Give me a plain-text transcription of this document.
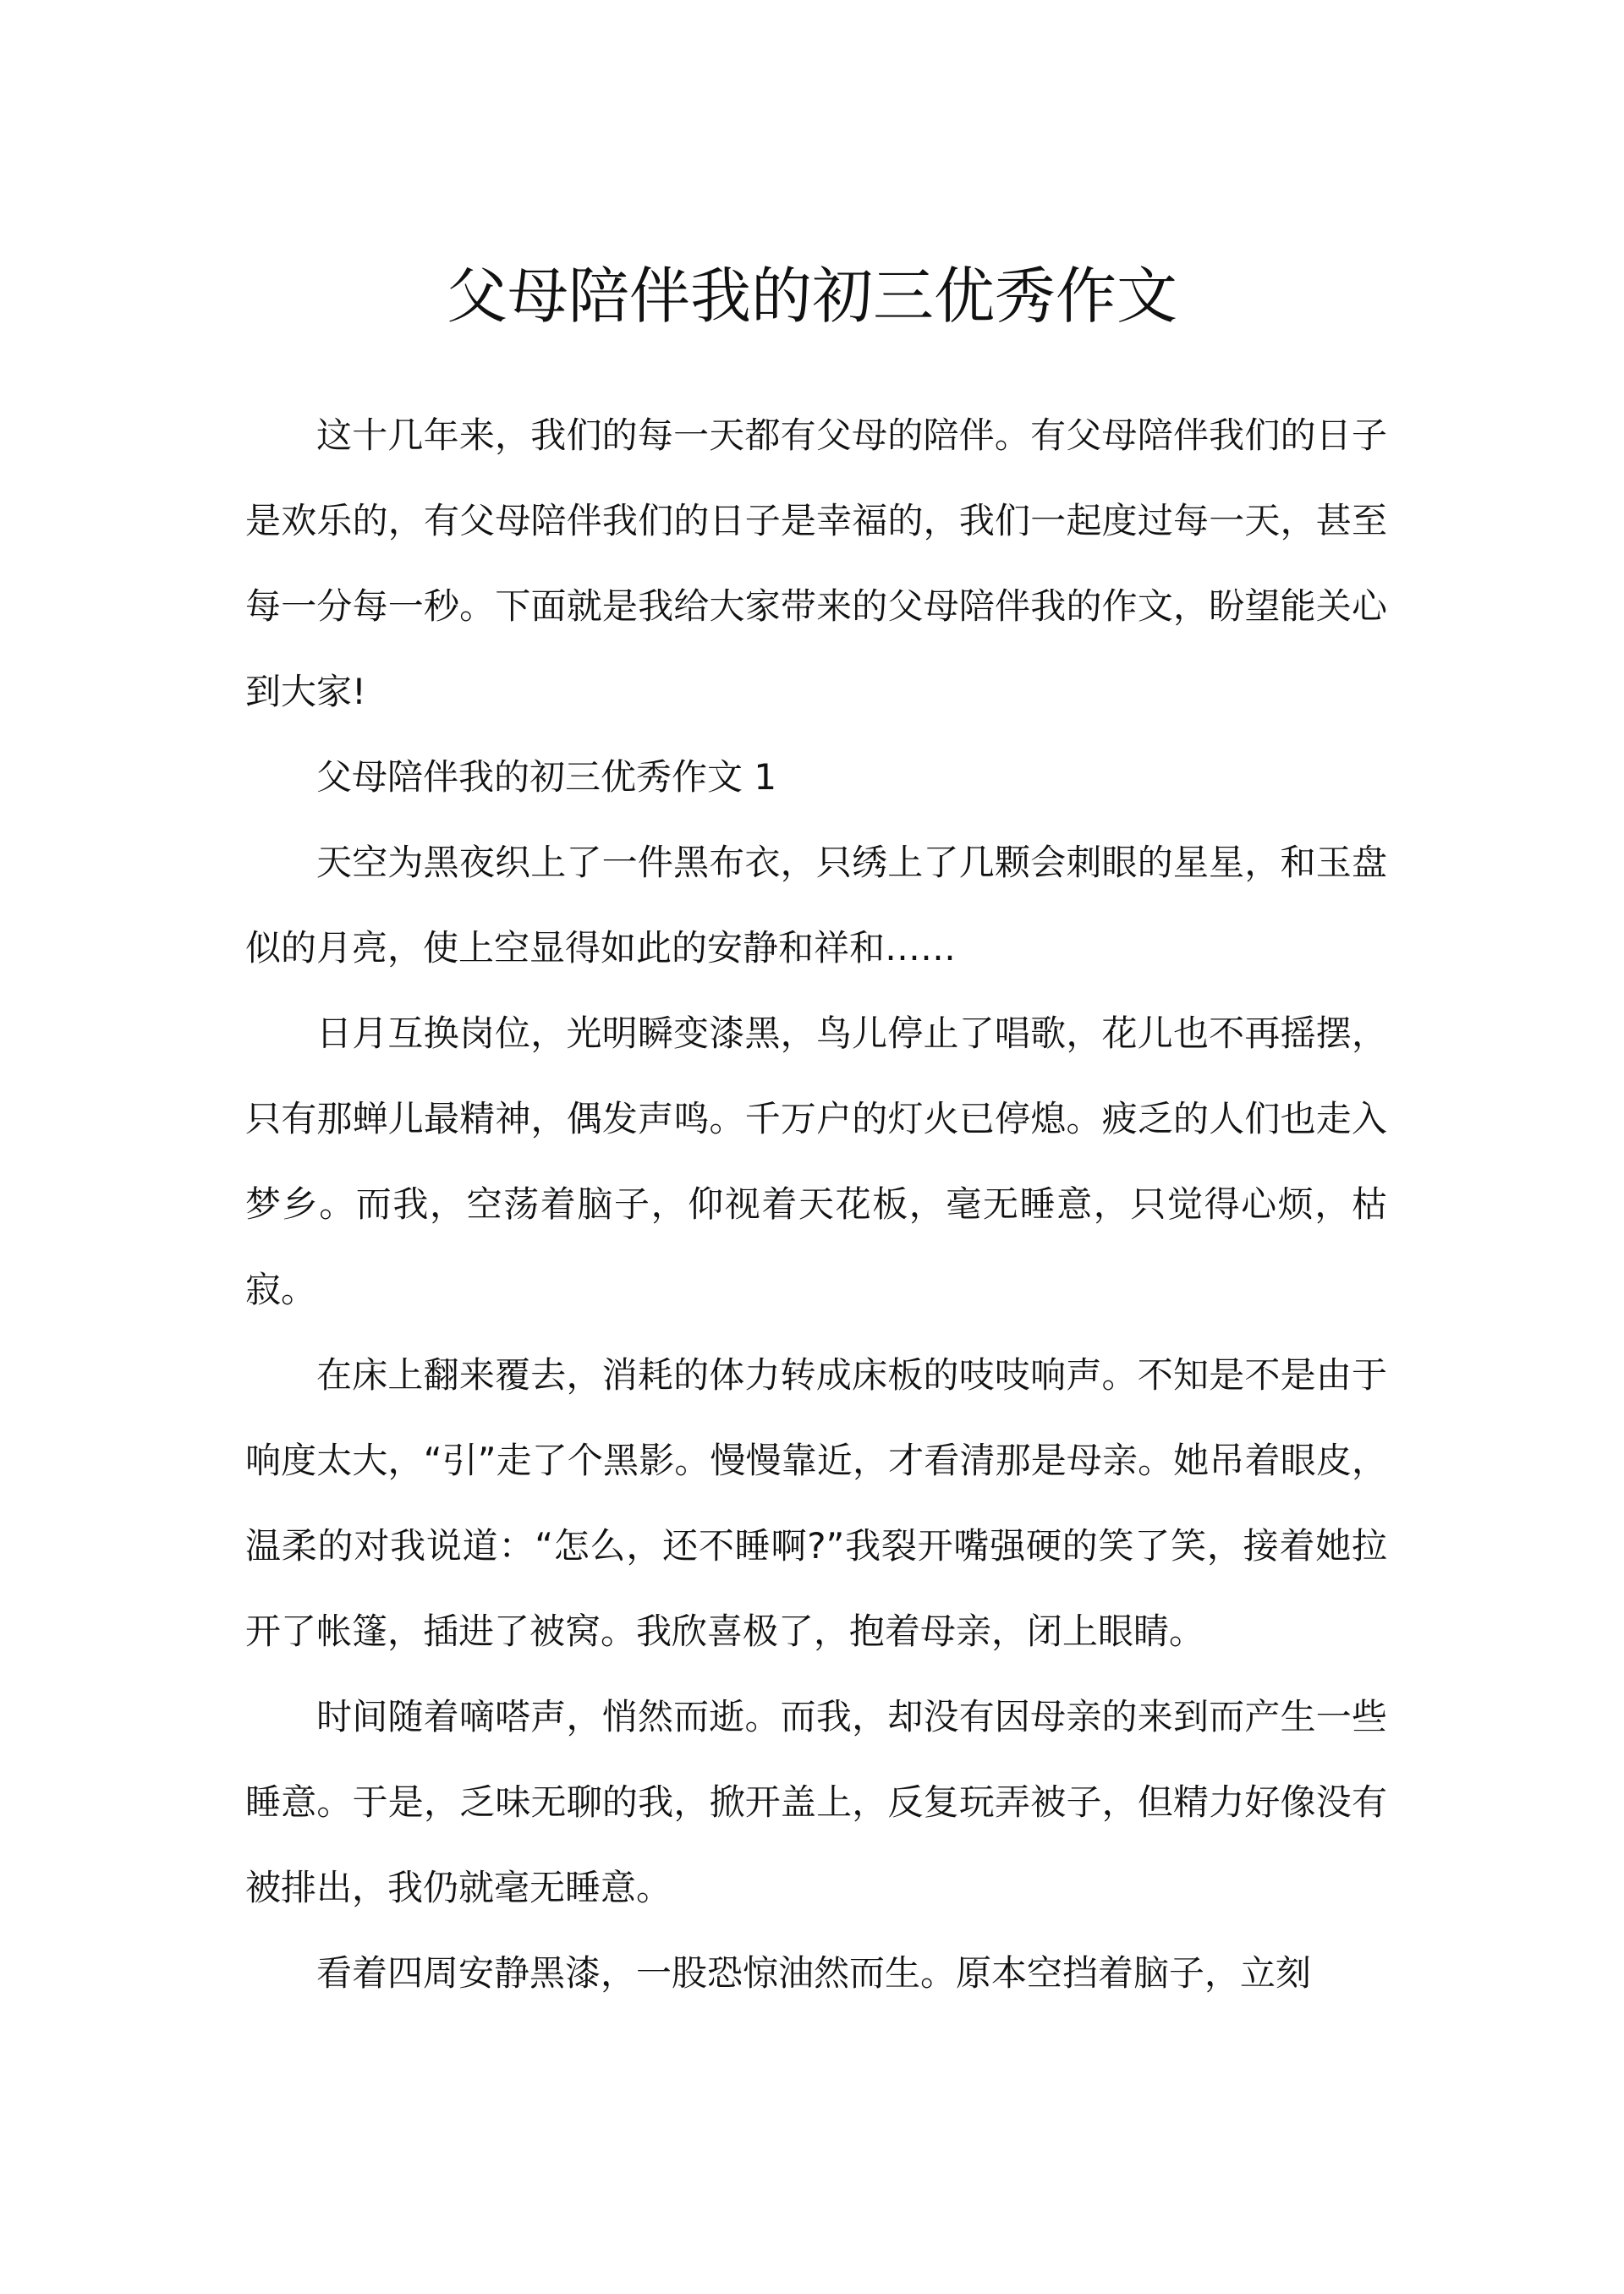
父母陪伴我的初三优秀作文

这十几年来，我们的每一天都有父母的陪伴。有父母陪伴我们的日子是欢乐的，有父母陪伴我们的日子是幸福的，我们一起度过每一天，甚至每一分每一秒。下面就是我给大家带来的父母陪伴我的作文，盼望能关心到大家!

父母陪伴我的初三优秀作文 1

天空为黑夜织上了一件黑布衣，只绣上了几颗会刺眼的星星，和玉盘似的月亮，使上空显得如此的安静和祥和……

日月互换岗位，光明瞬变漆黑，鸟儿停止了唱歌，花儿也不再摇摆，只有那蝉儿最精神，偶发声鸣。千万户的灯火已停熄。疲乏的人们也走入梦乡。而我，空荡着脑子，仰视着天花板，毫无睡意，只觉得心烦，枯寂。

在床上翻来覆去，消耗的体力转成床板的吱吱响声。不知是不是由于响度太大，“引”走了个黑影。慢慢靠近，才看清那是母亲。她吊着眼皮，温柔的对我说道：“怎么，还不睡啊?”我裂开嘴强硬的笑了笑，接着她拉开了帐篷，插进了被窝。我欣喜极了，抱着母亲，闭上眼睛。

时间随着嘀嗒声，悄然而逝。而我，却没有因母亲的来到而产生一些睡意。于是，乏味无聊的我，掀开盖上，反复玩弄被子，但精力好像没有被排出，我仍就毫无睡意。

看着四周安静黑漆，一股恐惊油然而生。原本空挡着脑子，立刻
